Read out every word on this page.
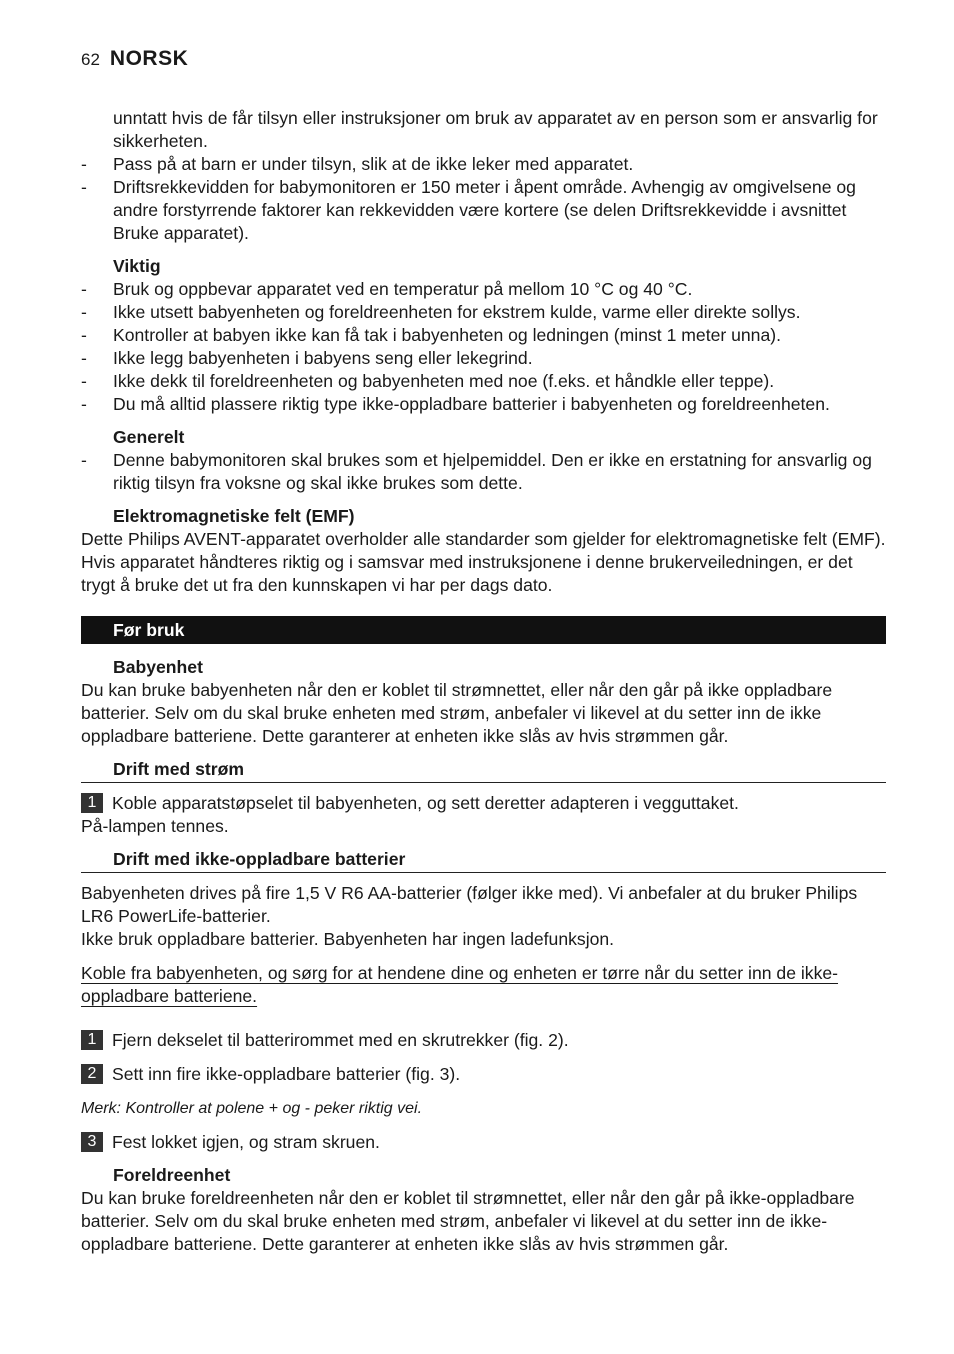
62 NORSK

unntatt hvis de får tilsyn eller instruksjoner om bruk av apparatet av en person som er ansvarlig for sikkerheten.

- Pass på at barn er under tilsyn, slik at de ikke leker med apparatet.
- Driftsrekkevidden for babymonitoren er 150 meter i åpent område. Avhengig av omgivelsene og andre forstyrrende faktorer kan rekkevidden være kortere (se delen Driftsrekkevidde i avsnittet Bruke apparatet).
Viktig
- Bruk og oppbevar apparatet ved en temperatur på mellom 10 °C og 40 °C.
- Ikke utsett babyenheten og foreldreenheten for ekstrem kulde, varme eller direkte sollys.
- Kontroller at babyen ikke kan få tak i babyenheten og ledningen (minst 1 meter unna).
- Ikke legg babyenheten i babyens seng eller lekegrind.
- Ikke dekk til foreldreenheten og babyenheten med noe (f.eks. et håndkle eller teppe).
- Du må alltid plassere riktig type ikke-oppladbare batterier i babyenheten og foreldreenheten.
Generelt
- Denne babymonitoren skal brukes som et hjelpemiddel. Den er ikke en erstatning for ansvarlig og riktig tilsyn fra voksne og skal ikke brukes som dette.
Elektromagnetiske felt (EMF)

Dette Philips AVENT-apparatet overholder alle standarder som gjelder for elektromagnetiske felt (EMF). Hvis apparatet håndteres riktig og i samsvar med instruksjonene i denne brukerveiledningen, er det trygt å bruke det ut fra den kunnskapen vi har per dags dato.

Før bruk
Babyenhet

Du kan bruke babyenheten når den er koblet til strømnettet, eller når den går på ikke oppladbare batterier. Selv om du skal bruke enheten med strøm, anbefaler vi likevel at du setter inn de ikke oppladbare batteriene. Dette garanterer at enheten ikke slås av hvis strømmen går.

Drift med strøm
1 Koble apparatstøpselet til babyenheten, og sett deretter adapteren i vegguttaket.

På-lampen tennes.

Drift med ikke-oppladbare batterier

Babyenheten drives på fire 1,5 V R6 AA-batterier (følger ikke med). Vi anbefaler at du bruker Philips LR6 PowerLife-batterier.

Ikke bruk oppladbare batterier. Babyenheten har ingen ladefunksjon.

Koble fra babyenheten, og sørg for at hendene dine og enheten er tørre når du setter inn de ikke-oppladbare batteriene.

1 Fjern dekselet til batterirommet med en skrutrekker (fig. 2).
2 Sett inn fire ikke-oppladbare batterier (fig. 3).

Merk: Kontroller at polene + og - peker riktig vei.

3 Fest lokket igjen, og stram skruen.
Foreldreenhet

Du kan bruke foreldreenheten når den er koblet til strømnettet, eller når den går på ikke-oppladbare batterier. Selv om du skal bruke enheten med strøm, anbefaler vi likevel at du setter inn de ikke-oppladbare batteriene. Dette garanterer at enheten ikke slås av hvis strømmen går.
